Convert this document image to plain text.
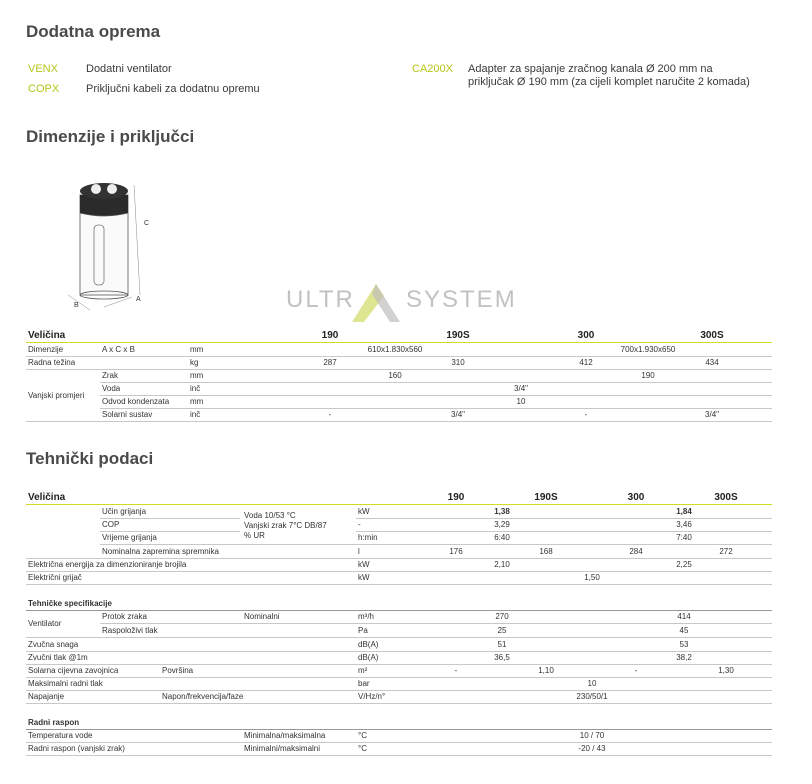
Dodatna oprema
VENX	Dodatni ventilator
COPX Priključni kabeli za dodatnu opremu
CA200X Adapter za spajanje zračnog kanala Ø 200 mm na
priključak Ø 190 mm (za cijeli komplet naručite 2 komada)
Dimenzije i priključci
C
B
A	ULTR SYSTEM
Veličina	190	190S	300	300S
Dimenzije	A x C x B	mm	610x1.830x560	700x1.930x650
Radna težina	kg	287	310	412	434
Vanjski promjeri
Zrak	mm	160	190
Voda	inč	3/4"
Odvod kondenzata	mm	10
Solarni sustav	inč	-	3/4"	-	3/4"
Tehnički podaci
Veličina	190	190S	300	300S
Učin grijanja	Voda 10/53 °C	kW	1,38	1,84
COP	Vanjski zrak 7°C DB/87	-	3,29	3,46
Vrijeme grijanja	% UR	h:min	6:40	7:40
Nominalna zapremina spremnika	l	176	168	284	272
Električna energija za dimenzioniranje brojila	kW	2,10	2,25
Električni grijač	kW	1,50
Tehničke specifikacije
Ventilator
Protok zraka	Nominalni	m³/h	270	414
Raspoloživi tlak	Pa	25	45
Zvučna snaga	dB(A)	51	53
Zvučni tlak @1m	dB(A)	36,5	38,2
Solarna cijevna zavojnica	Površina	m²	-	1,10	-	1,30
Maksimalni radni tlak	bar	10
Napajanje	Napon/frekvencija/faze	V/Hz/n°	230/50/1
Radni raspon
Temperatura vode	Minimalna/maksimalna	°C	10 / 70
Radni raspon (vanjski zrak)	Minimalni/maksimalni	°C	-20 / 43
